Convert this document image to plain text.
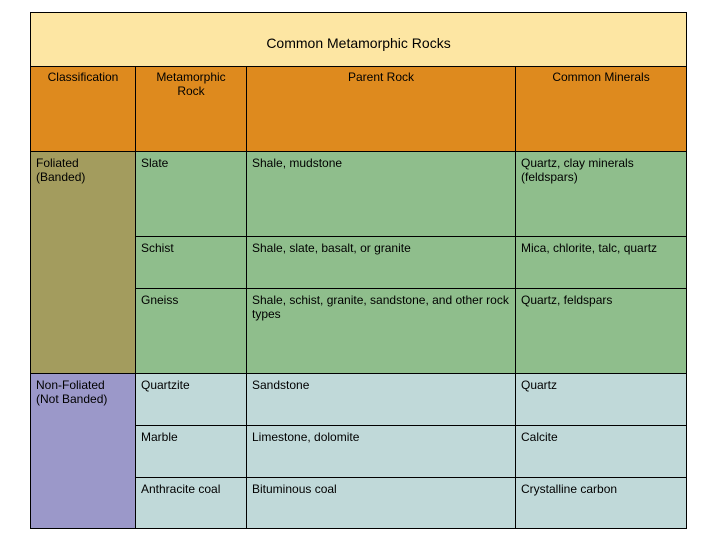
Common Metamorphic Rocks			
Classification	Metamorphic Rock	Parent Rock	Common Minerals
Foliated (Banded)	Slate	Shale, mudstone	Quartz, clay minerals (feldspars)
	Schist	Shale, slate, basalt, or granite	Mica, chlorite, talc, quartz
	Gneiss	Shale, schist, granite, sandstone, and other rock types	Quartz, feldspars
Non-Foliated (Not Banded)	Quartzite	Sandstone	Quartz
	Marble	Limestone, dolomite	Calcite
	Anthracite coal	Bituminous coal	Crystalline carbon
